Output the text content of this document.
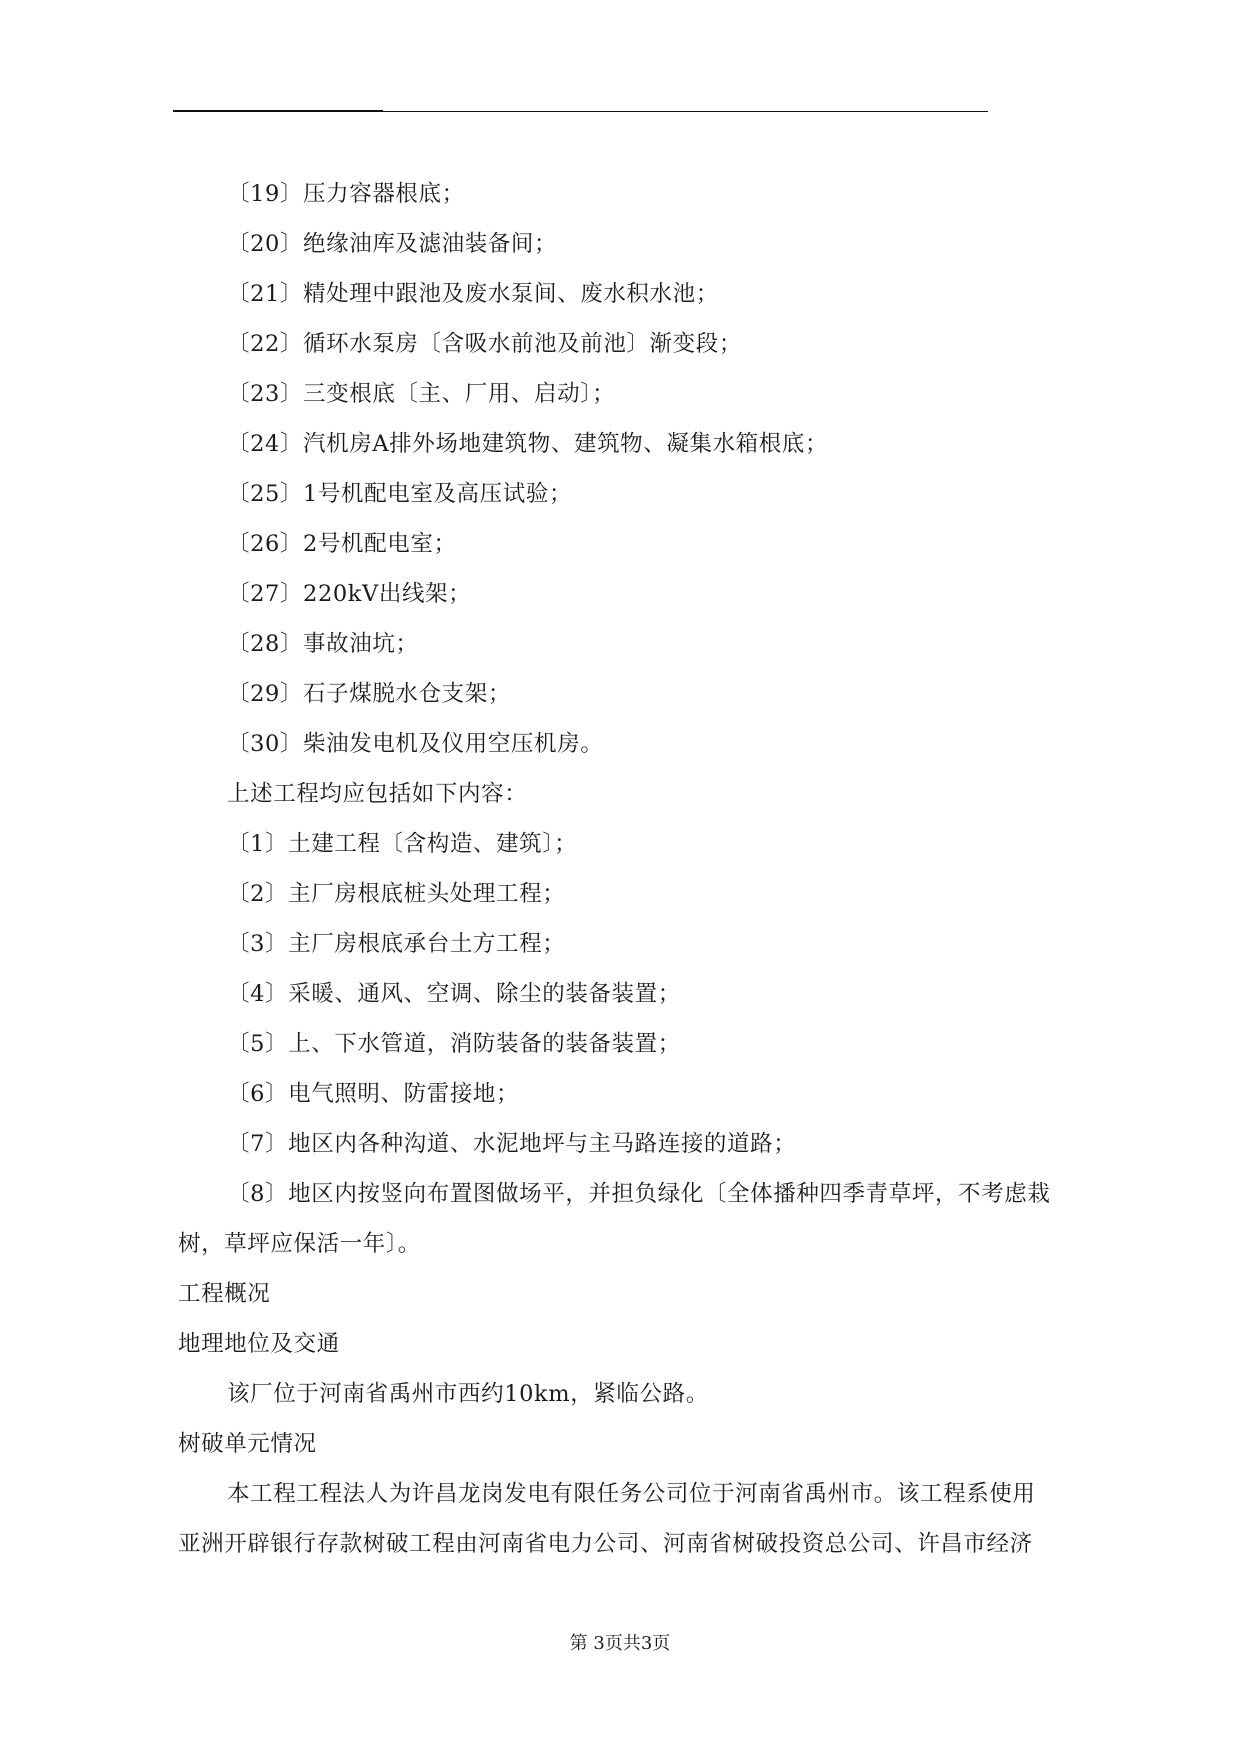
〔19〕压力容器根底；
〔20〕绝缘油库及滤油装备间；
〔21〕精处理中跟池及废水泵间、废水积水池；
〔22〕循环水泵房〔含吸水前池及前池〕渐变段；
〔23〕三变根底〔主、厂用、启动〕；
〔24〕汽机房A排外场地建筑物、建筑物、凝集水箱根底；
〔25〕1号机配电室及高压试验；
〔26〕2号机配电室；
〔27〕220kV出线架；
〔28〕事故油坑；
〔29〕石子煤脱水仓支架；
〔30〕柴油发电机及仪用空压机房。
上述工程均应包括如下内容：
〔1〕土建工程〔含构造、建筑〕；
〔2〕主厂房根底桩头处理工程；
〔3〕主厂房根底承台土方工程；
〔4〕采暖、通风、空调、除尘的装备装置；
〔5〕上、下水管道，消防装备的装备装置；
〔6〕电气照明、防雷接地；
〔7〕地区内各种沟道、水泥地坪与主马路连接的道路；
〔8〕地区内按竖向布置图做场平，并担负绿化〔全体播种四季青草坪，不考虑栽
树，草坪应保活一年〕。
工程概况
地理地位及交通
该厂位于河南省禹州市西约10km，紧临公路。
树破单元情况
本工程工程法人为许昌龙岗发电有限任务公司位于河南省禹州市。该工程系使用
亚洲开辟银行存款树破工程由河南省电力公司、河南省树破投资总公司、许昌市经济
第 3页共3页
